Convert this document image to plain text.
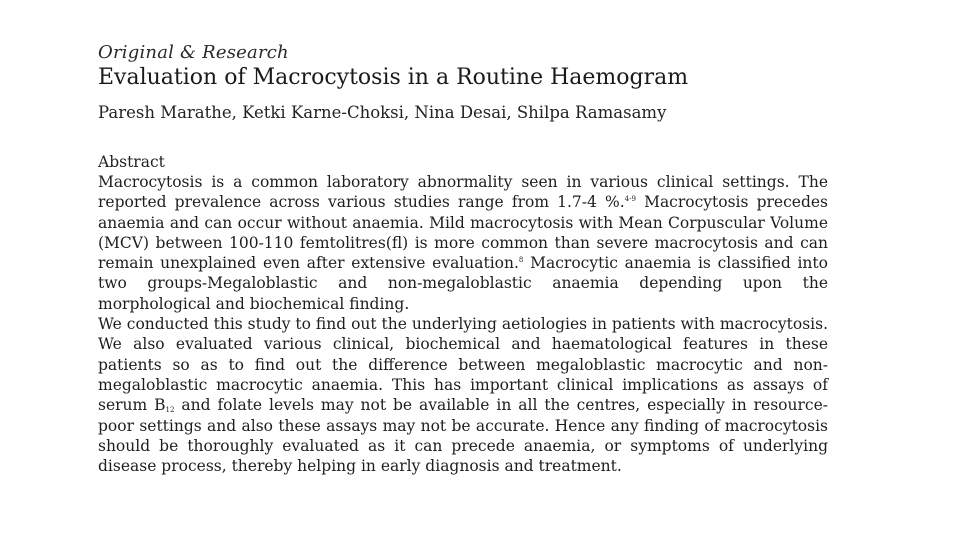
Original & Research

Evaluation of Macrocytosis in a Routine Haemogram

Paresh Marathe, Ketki Karne-Choksi, Nina Desai, Shilpa Ramasamy

Abstract

Macrocytosis is a common laboratory abnormality seen in various clinical settings. The reported prevalence across various studies range from 1.7-4 %.$^{4-9}$ Macrocytosis precedes anaemia and can occur without anaemia. Mild macrocytosis with Mean Corpuscular Volume (MCV) between 100-110 femtolitres(fl) is more common than severe macrocytosis and can remain unexplained even after extensive evaluation.$^8$ Macrocytic anaemia is classified into two groups-Megaloblastic and non-megaloblastic anaemia depending upon the morphological and biochemical finding.

We conducted this study to find out the underlying aetiologies in patients with macrocytosis. We also evaluated various clinical, biochemical and haematological features in these patients so as to find out the difference between megaloblastic macrocytic and non-megaloblastic macrocytic anaemia. This has important clinical implications as assays of serum $B_{12}$ and folate levels may not be available in all the centres, especially in resource-poor settings and also these assays may not be accurate. Hence any finding of macrocytosis should be thoroughly evaluated as it can precede anaemia, or symptoms of underlying disease process, thereby helping in early diagnosis and treatment.
